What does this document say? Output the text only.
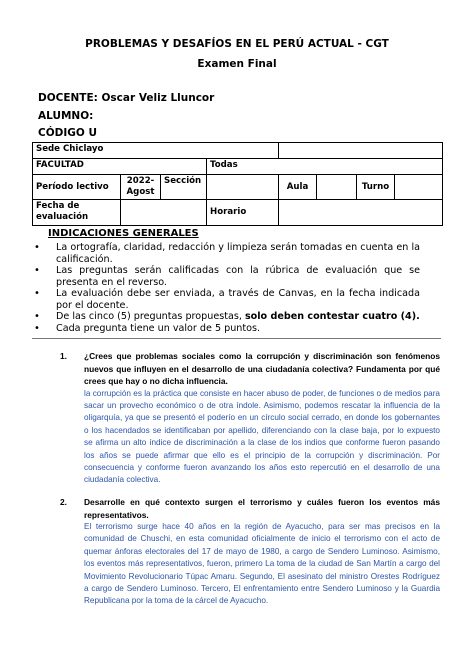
PROBLEMAS Y DESAFÍOS EN EL PERÚ ACTUAL - CGT
Examen Final
DOCENTE: Oscar Veliz Lluncor
ALUMNO:
CÓDIGO U
Sede Chiclayo							
FACULTAD			Todas				
Período lectivo	2022-Agost	Sección		Aula		Turno	
Fecha de evaluación			Horario				
INDICACIONES GENERALES
• La ortografía, claridad, redacción y limpieza serán tomadas en cuenta en la calificación.
• Las preguntas serán calificadas con la rúbrica de evaluación que se presenta en el reverso.
• La evaluación debe ser enviada, a través de Canvas, en la fecha indicada por el docente.
• De las cinco (5) preguntas propuestas, solo deben contestar cuatro (4).
• Cada pregunta tiene un valor de 5 puntos.
1. ¿Crees que problemas sociales como la corrupción y discriminación son fenómenos nuevos que influyen en el desarrollo de una ciudadanía colectiva? Fundamenta por qué crees que hay o no dicha influencia.
la corrupción es la práctica que consiste en hacer abuso de poder, de funciones o de medios para sacar un provecho económico o de otra índole. Asimismo, podemos rescatar la influencia de la oligarquía, ya que se presentó el poderío en un círculo social cerrado, en donde los gobernantes o los hacendados se identificaban por apellido, diferenciando con la clase baja, por lo expuesto se afirma un alto índice de discriminación a la clase de los indios que conforme fueron pasando los años se puede afirmar que ello es el principio de la corrupción y discriminación. Por consecuencia y conforme fueron avanzando los años esto repercutió en el desarrollo de una ciudadanía colectiva.
2. Desarrolle en qué contexto surgen el terrorismo y cuáles fueron los eventos más representativos.
El terrorismo surge hace 40 años en la región de Ayacucho, para ser mas precisos en la comunidad de Chuschi, en esta comunidad oficialmente de inicio el terrorismo con el acto de quemar ánforas electorales del 17 de mayo de 1980, a cargo de Sendero Luminoso. Asimismo, los eventos más representativos, fueron, primero La toma de la ciudad de San Martín a cargo del Movimiento Revolucionario Túpac Amaru. Segundo, El asesinato del ministro Orestes Rodríguez a cargo de Sendero Luminoso. Tercero, El enfrentamiento entre Sendero Luminoso y la Guardia Republicana por la toma de la cárcel de Ayacucho.
